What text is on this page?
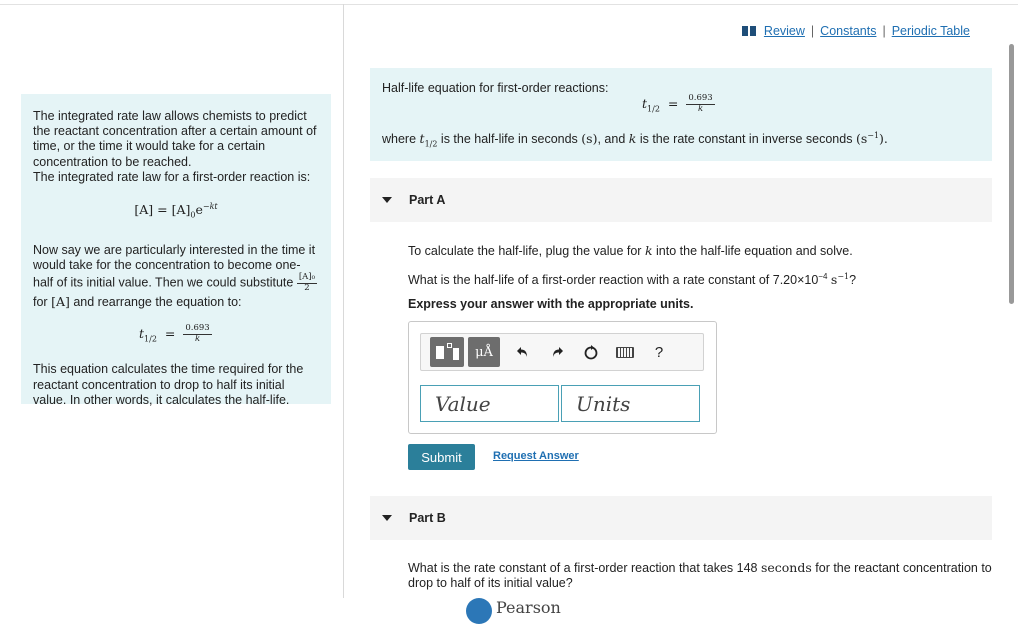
The integrated rate law allows chemists to predict the reactant concentration after a certain amount of time, or the time it would take for a certain concentration to be reached.

The integrated rate law for a first-order reaction is:

$[A] = [A]_0e^{-kt}$

Now say we are particularly interested in the time it would take for the concentration to become one-half of its initial value. Then we could substitute $\frac{\text{[A]₀}}{2}$
for [A] and rearrange the equation to:

$t_{1/2} = \frac{0.693}{k}$

This equation calculates the time required for the reactant concentration to drop to half its initial value. In other words, it calculates the half-life.

Review | Constants | Periodic Table
Half-life equation for first-order reactions:
$t_{1/2} = \frac{0.693}{k}$
where $t_{1/2}$ is the half-life in seconds (s), and k is the rate constant in inverse seconds $(s^{-1})$.
Part A
To calculate the half-life, plug the value for k into the half-life equation and solve.
What is the half-life of a first-order reaction with a rate constant of $7.20\times 10^{-4}$ $s^{-1}$?
Express your answer with the appropriate units.
μÅ	?
Value
Units
Submit	Request Answer
Part B
What is the rate constant of a first-order reaction that takes 148 seconds for the reactant concentration to drop to half of its initial value?
Pearson
